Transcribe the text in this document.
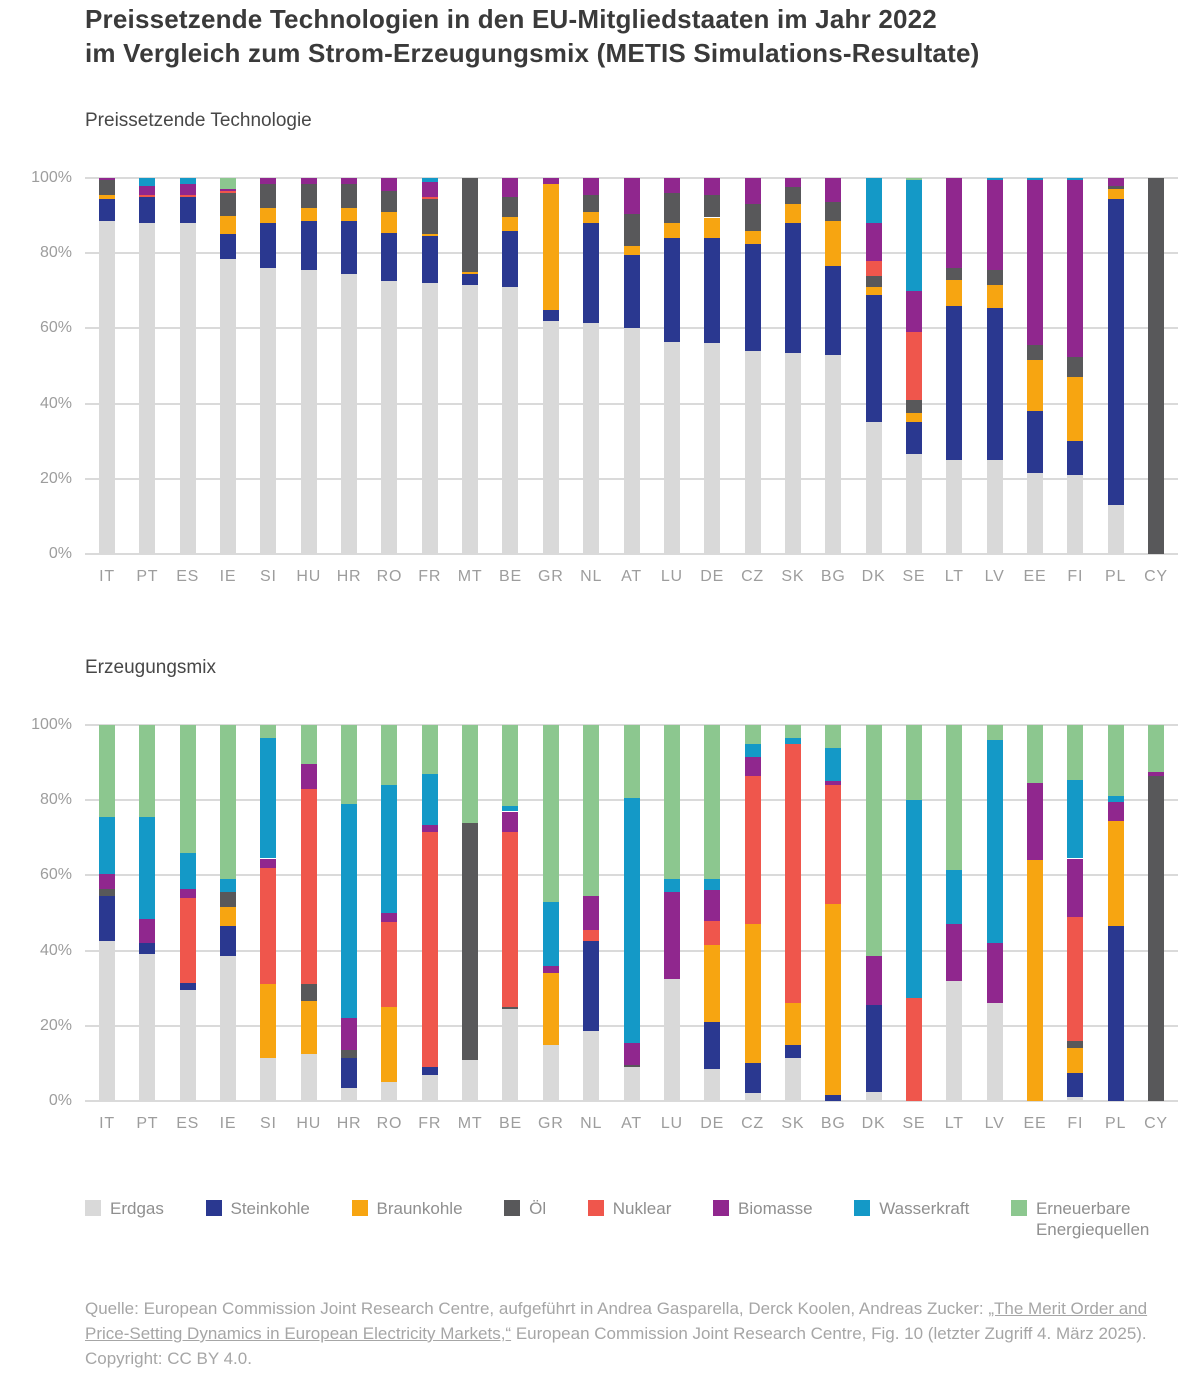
Preissetzende Technologien in den EU-Mitgliedstaaten im Jahr 2022
im Vergleich zum Strom-Erzeugungsmix (METIS Simulations-Resultate)
Preissetzende Technologie
0%
20%
40%
60%
80%
100%
IT	PT	ES	IE	SI	HU HR RO	FR	MT	BE	GR	NL	AT	LU	DE	CZ	SK	BG	DK	SE	LT	LV	EE	FI	PL	CY
Erzeugungsmix
0%
20%
40%
60%
80%
100%
IT	PT	ES	IE	SI	HU HR RO	FR	MT	BE	GR	NL	AT	LU	DE	CZ	SK	BG	DK	SE	LT	LV	EE	FI	PL	CY
Erdgas	Steinkohle	Braunkohle	Öl	Nuklear	Biomasse	Wasserkraft	Erneuerbare Energiequellen

Quelle: European Commission Joint Research Centre, aufgeführt in Andrea Gasparella, Derck Koolen, Andreas Zucker: „The Merit Order and Price-Setting Dynamics in European Electricity Markets,“ European Commission Joint Research Centre, Fig. 10 (letzter Zugriff 4. März 2025). Copyright: CC BY 4.0.
